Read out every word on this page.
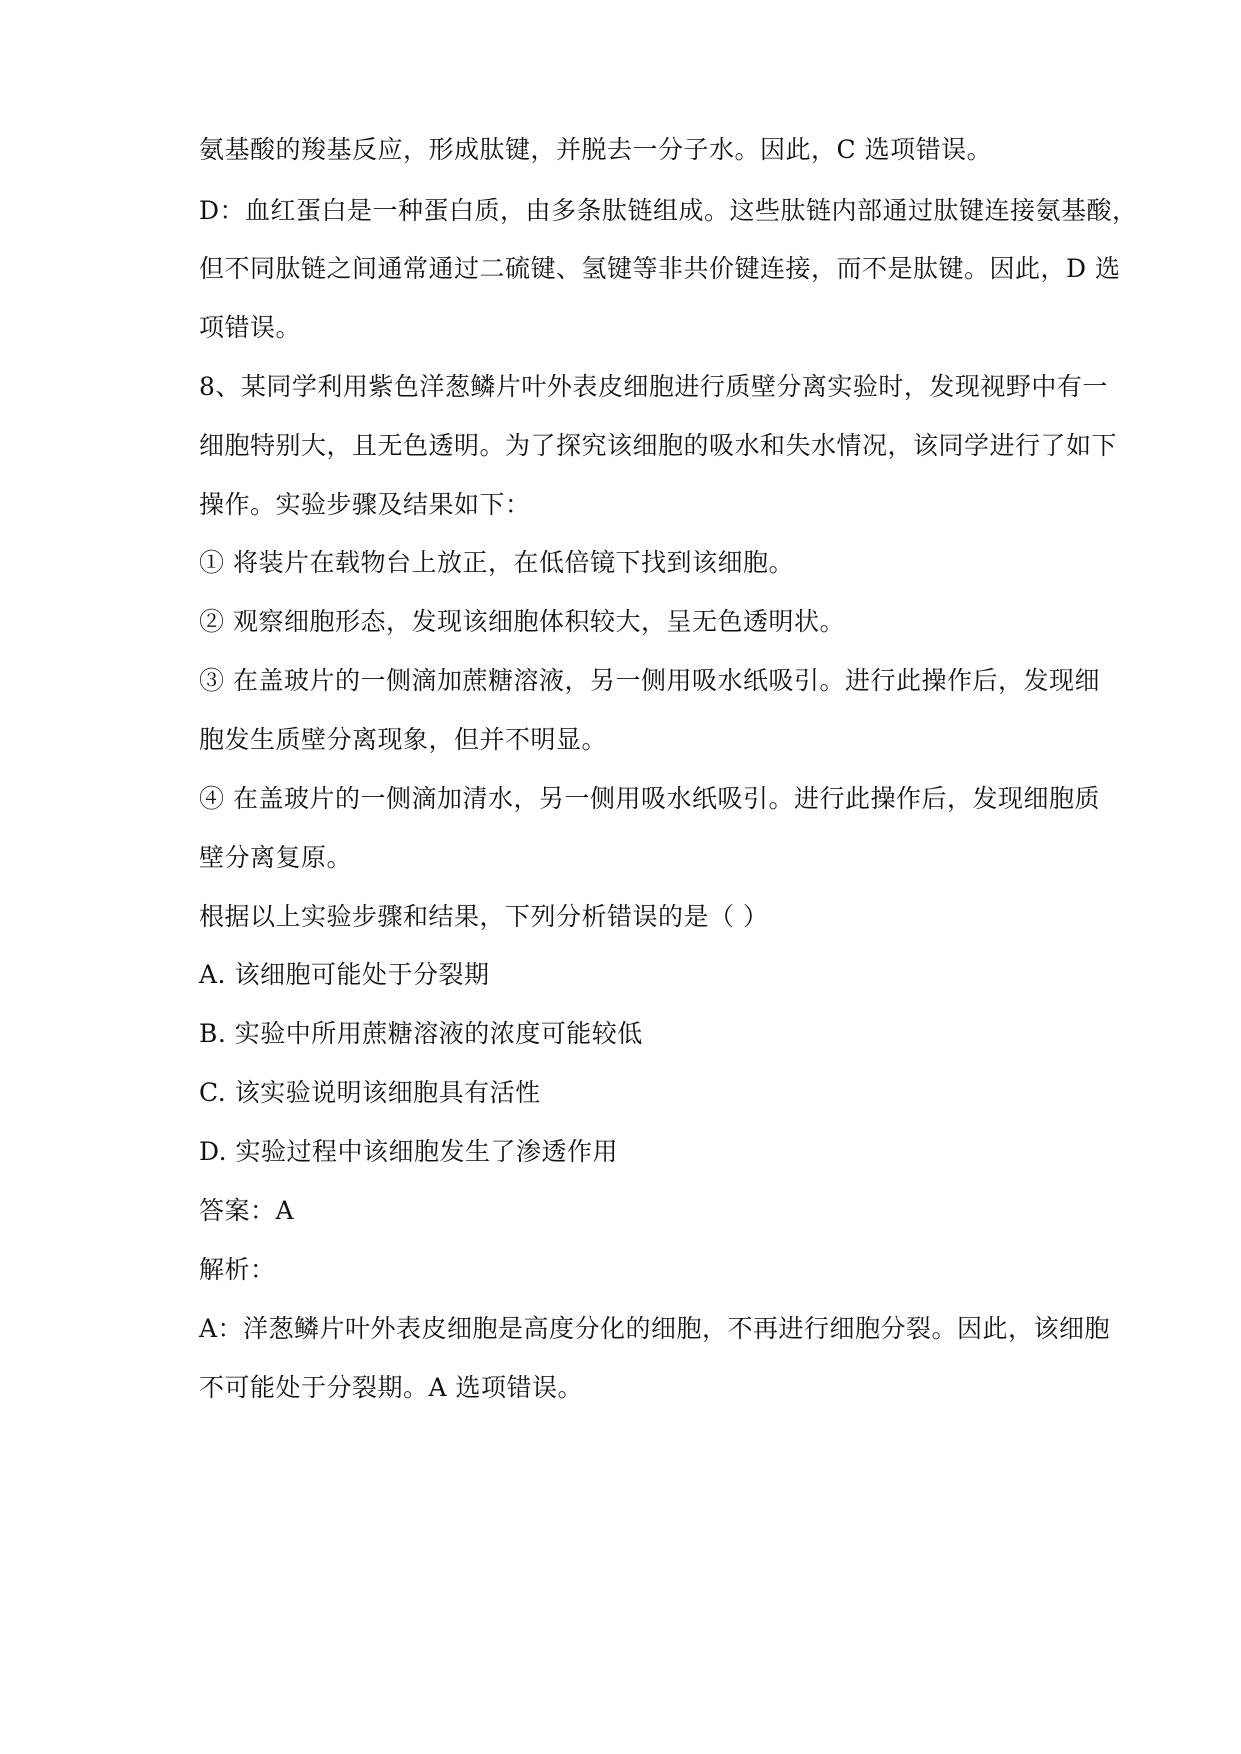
氨基酸的羧基反应，形成肽键，并脱去一分子水。因此，C 选项错误。
D：血红蛋白是一种蛋白质，由多条肽链组成。这些肽链内部通过肽键连接氨基酸，
但不同肽链之间通常通过二硫键、氢键等非共价键连接，而不是肽键。因此，D 选
项错误。
8、某同学利用紫色洋葱鳞片叶外表皮细胞进行质壁分离实验时，发现视野中有一
细胞特别大，且无色透明。为了探究该细胞的吸水和失水情况，该同学进行了如下
操作。实验步骤及结果如下：
① 将装片在载物台上放正，在低倍镜下找到该细胞。
② 观察细胞形态，发现该细胞体积较大，呈无色透明状。
③ 在盖玻片的一侧滴加蔗糖溶液，另一侧用吸水纸吸引。进行此操作后，发现细
胞发生质壁分离现象，但并不明显。
④ 在盖玻片的一侧滴加清水，另一侧用吸水纸吸引。进行此操作后，发现细胞质
壁分离复原。
根据以上实验步骤和结果，下列分析错误的是（ ）
A. 该细胞可能处于分裂期
B. 实验中所用蔗糖溶液的浓度可能较低
C. 该实验说明该细胞具有活性
D. 实验过程中该细胞发生了渗透作用
答案：A
解析：
A：洋葱鳞片叶外表皮细胞是高度分化的细胞，不再进行细胞分裂。因此，该细胞
不可能处于分裂期。A 选项错误。
